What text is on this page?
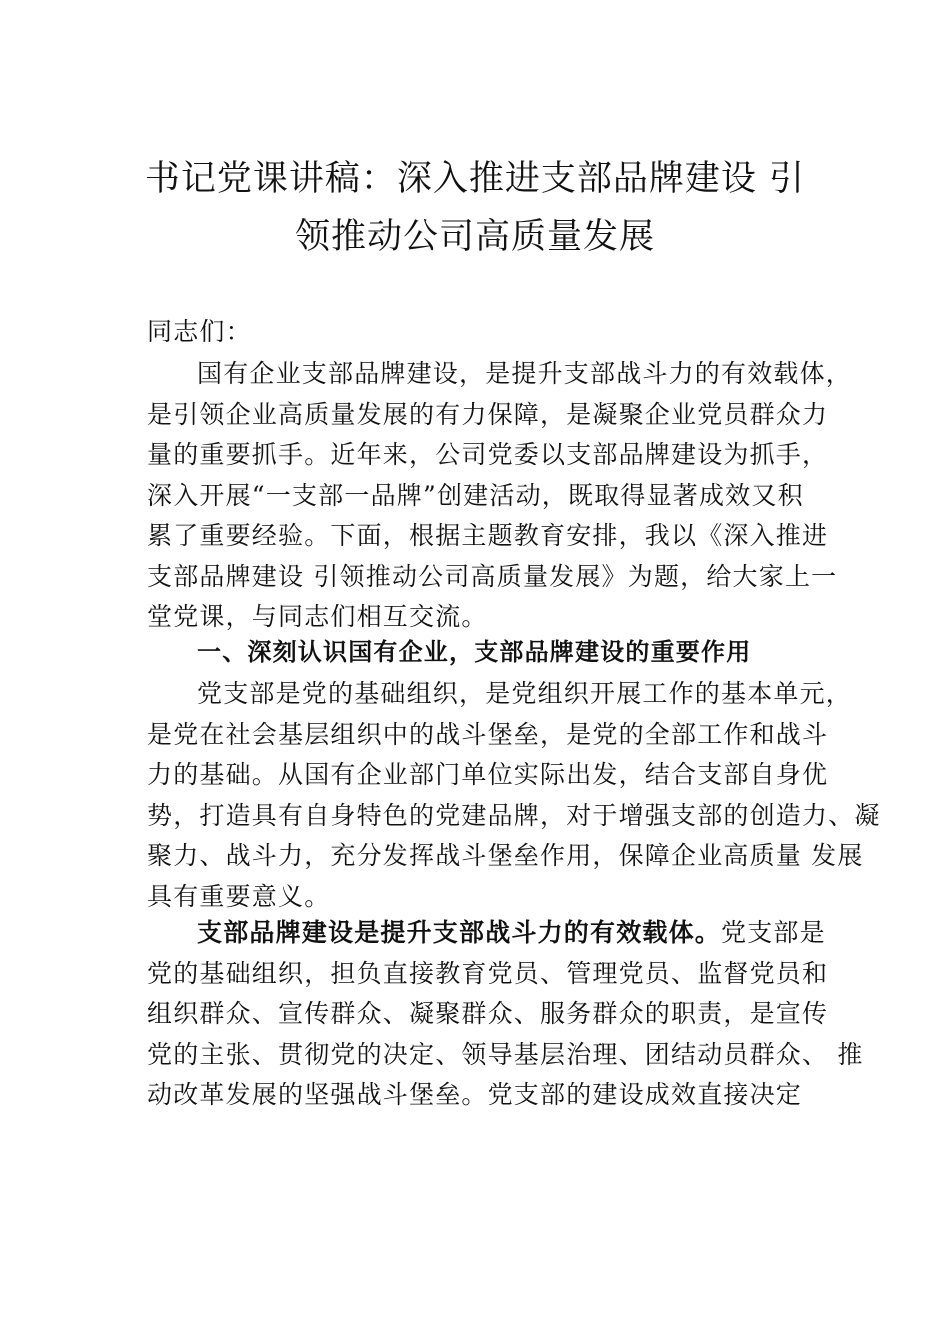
书记党课讲稿：深入推进支部品牌建设 引
领推动公司高质量发展
同志们：
国有企业支部品牌建设，是提升支部战斗力的有效载体，
是引领企业高质量发展的有力保障，是凝聚企业党员群众力
量的重要抓手。近年来，公司党委以支部品牌建设为抓手，
深入开展“一支部一品牌”创建活动，既取得显著成效又积
累了重要经验。下面，根据主题教育安排，我以《深入推进
支部品牌建设 引领推动公司高质量发展》为题，给大家上一
堂党课，与同志们相互交流。
一、深刻认识国有企业，支部品牌建设的重要作用
党支部是党的基础组织，是党组织开展工作的基本单元，
是党在社会基层组织中的战斗堡垒，是党的全部工作和战斗
力的基础。从国有企业部门单位实际出发，结合支部自身优
势，打造具有自身特色的党建品牌，对于增强支部的创造力、凝
聚力、战斗力，充分发挥战斗堡垒作用，保障企业高质量 发展
具有重要意义。
支部品牌建设是提升支部战斗力的有效载体。党支部是
党的基础组织，担负直接教育党员、管理党员、监督党员和
组织群众、宣传群众、凝聚群众、服务群众的职责，是宣传
党的主张、贯彻党的决定、领导基层治理、团结动员群众、 推
动改革发展的坚强战斗堡垒。党支部的建设成效直接决定
